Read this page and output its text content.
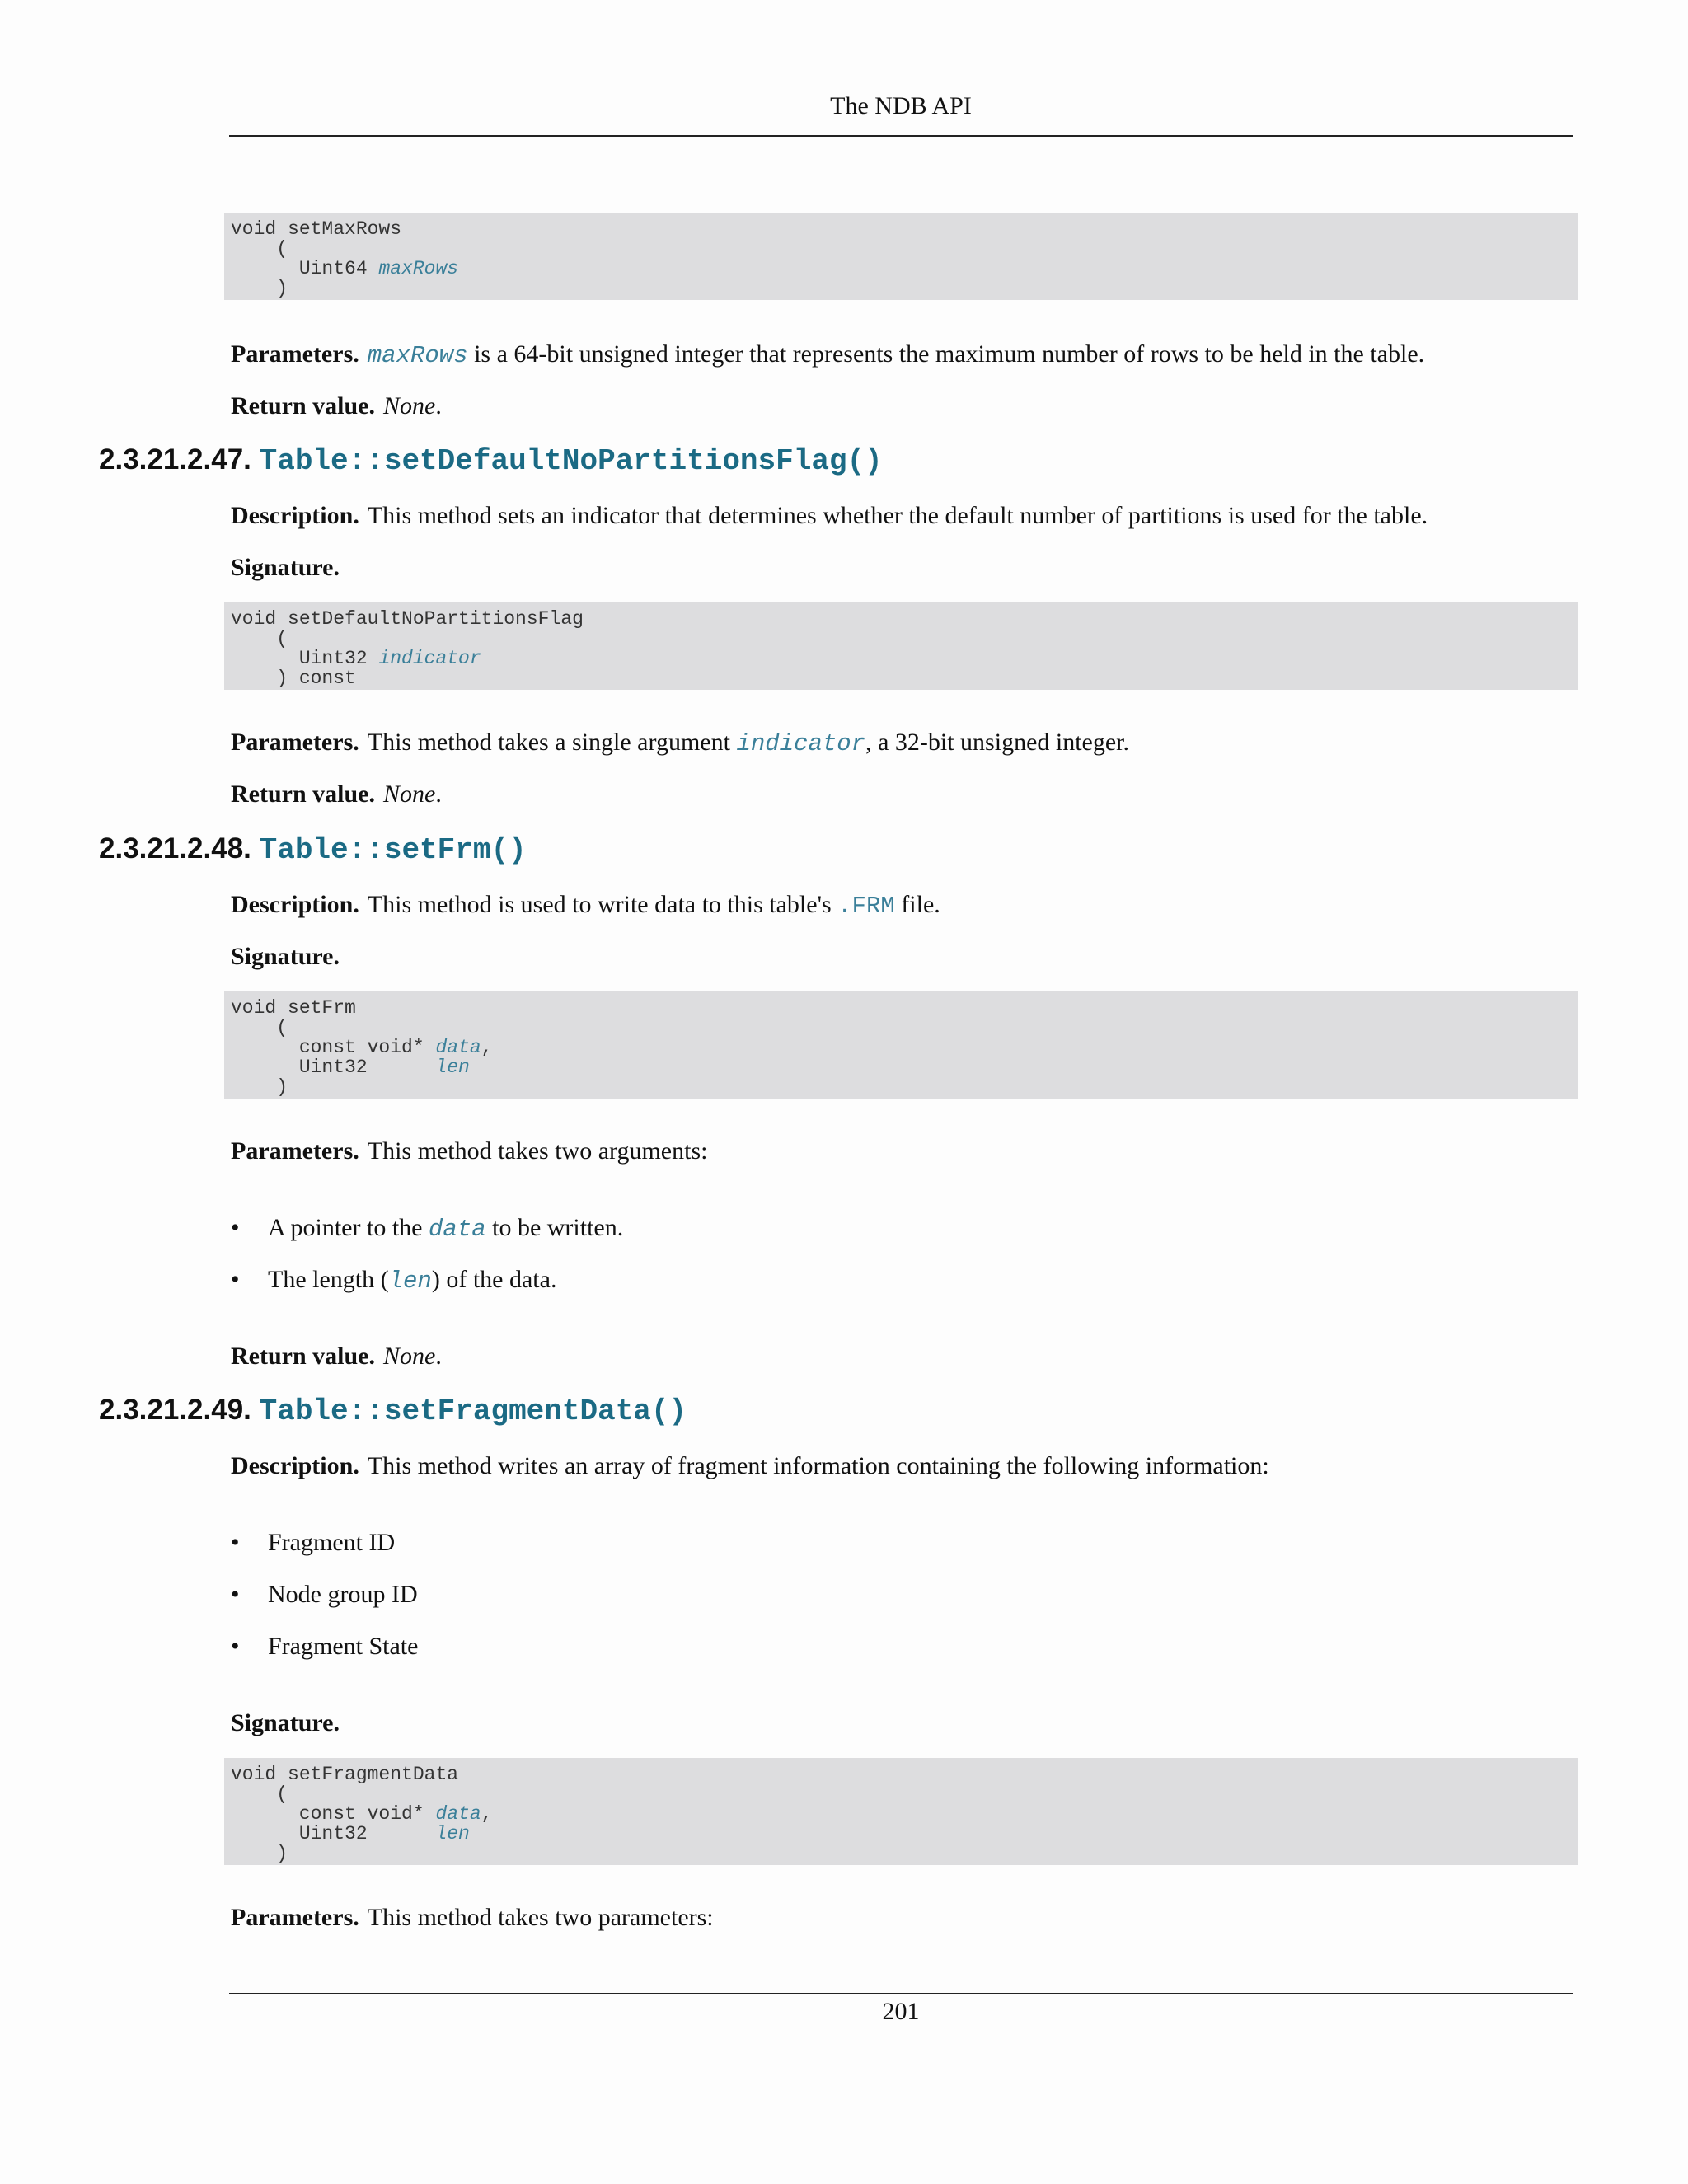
The NDB API
void setMaxRows
(
Uint64 maxRows
)
Parameters. maxRows is a 64-bit unsigned integer that represents the maximum number of rows to be held in the table.
Return value. None.
2.3.21.2.47. Table::setDefaultNoPartitionsFlag()
Description. This method sets an indicator that determines whether the default number of partitions is used for the table.
Signature.
void setDefaultNoPartitionsFlag
(
Uint32 indicator
) const
Parameters. This method takes a single argument indicator, a 32-bit unsigned integer.
Return value. None.
2.3.21.2.48. Table::setFrm()
Description. This method is used to write data to this table's .FRM file.
Signature.
void setFrm
(
const void* data,
Uint32      len
)
Parameters. This method takes two arguments:
• A pointer to the data to be written.
• The length (len) of the data.
Return value. None.
2.3.21.2.49. Table::setFragmentData()
Description. This method writes an array of fragment information containing the following information:
• Fragment ID
• Node group ID
• Fragment State
Signature.
void setFragmentData
(
const void* data,
Uint32      len
)
Parameters. This method takes two parameters:
201
